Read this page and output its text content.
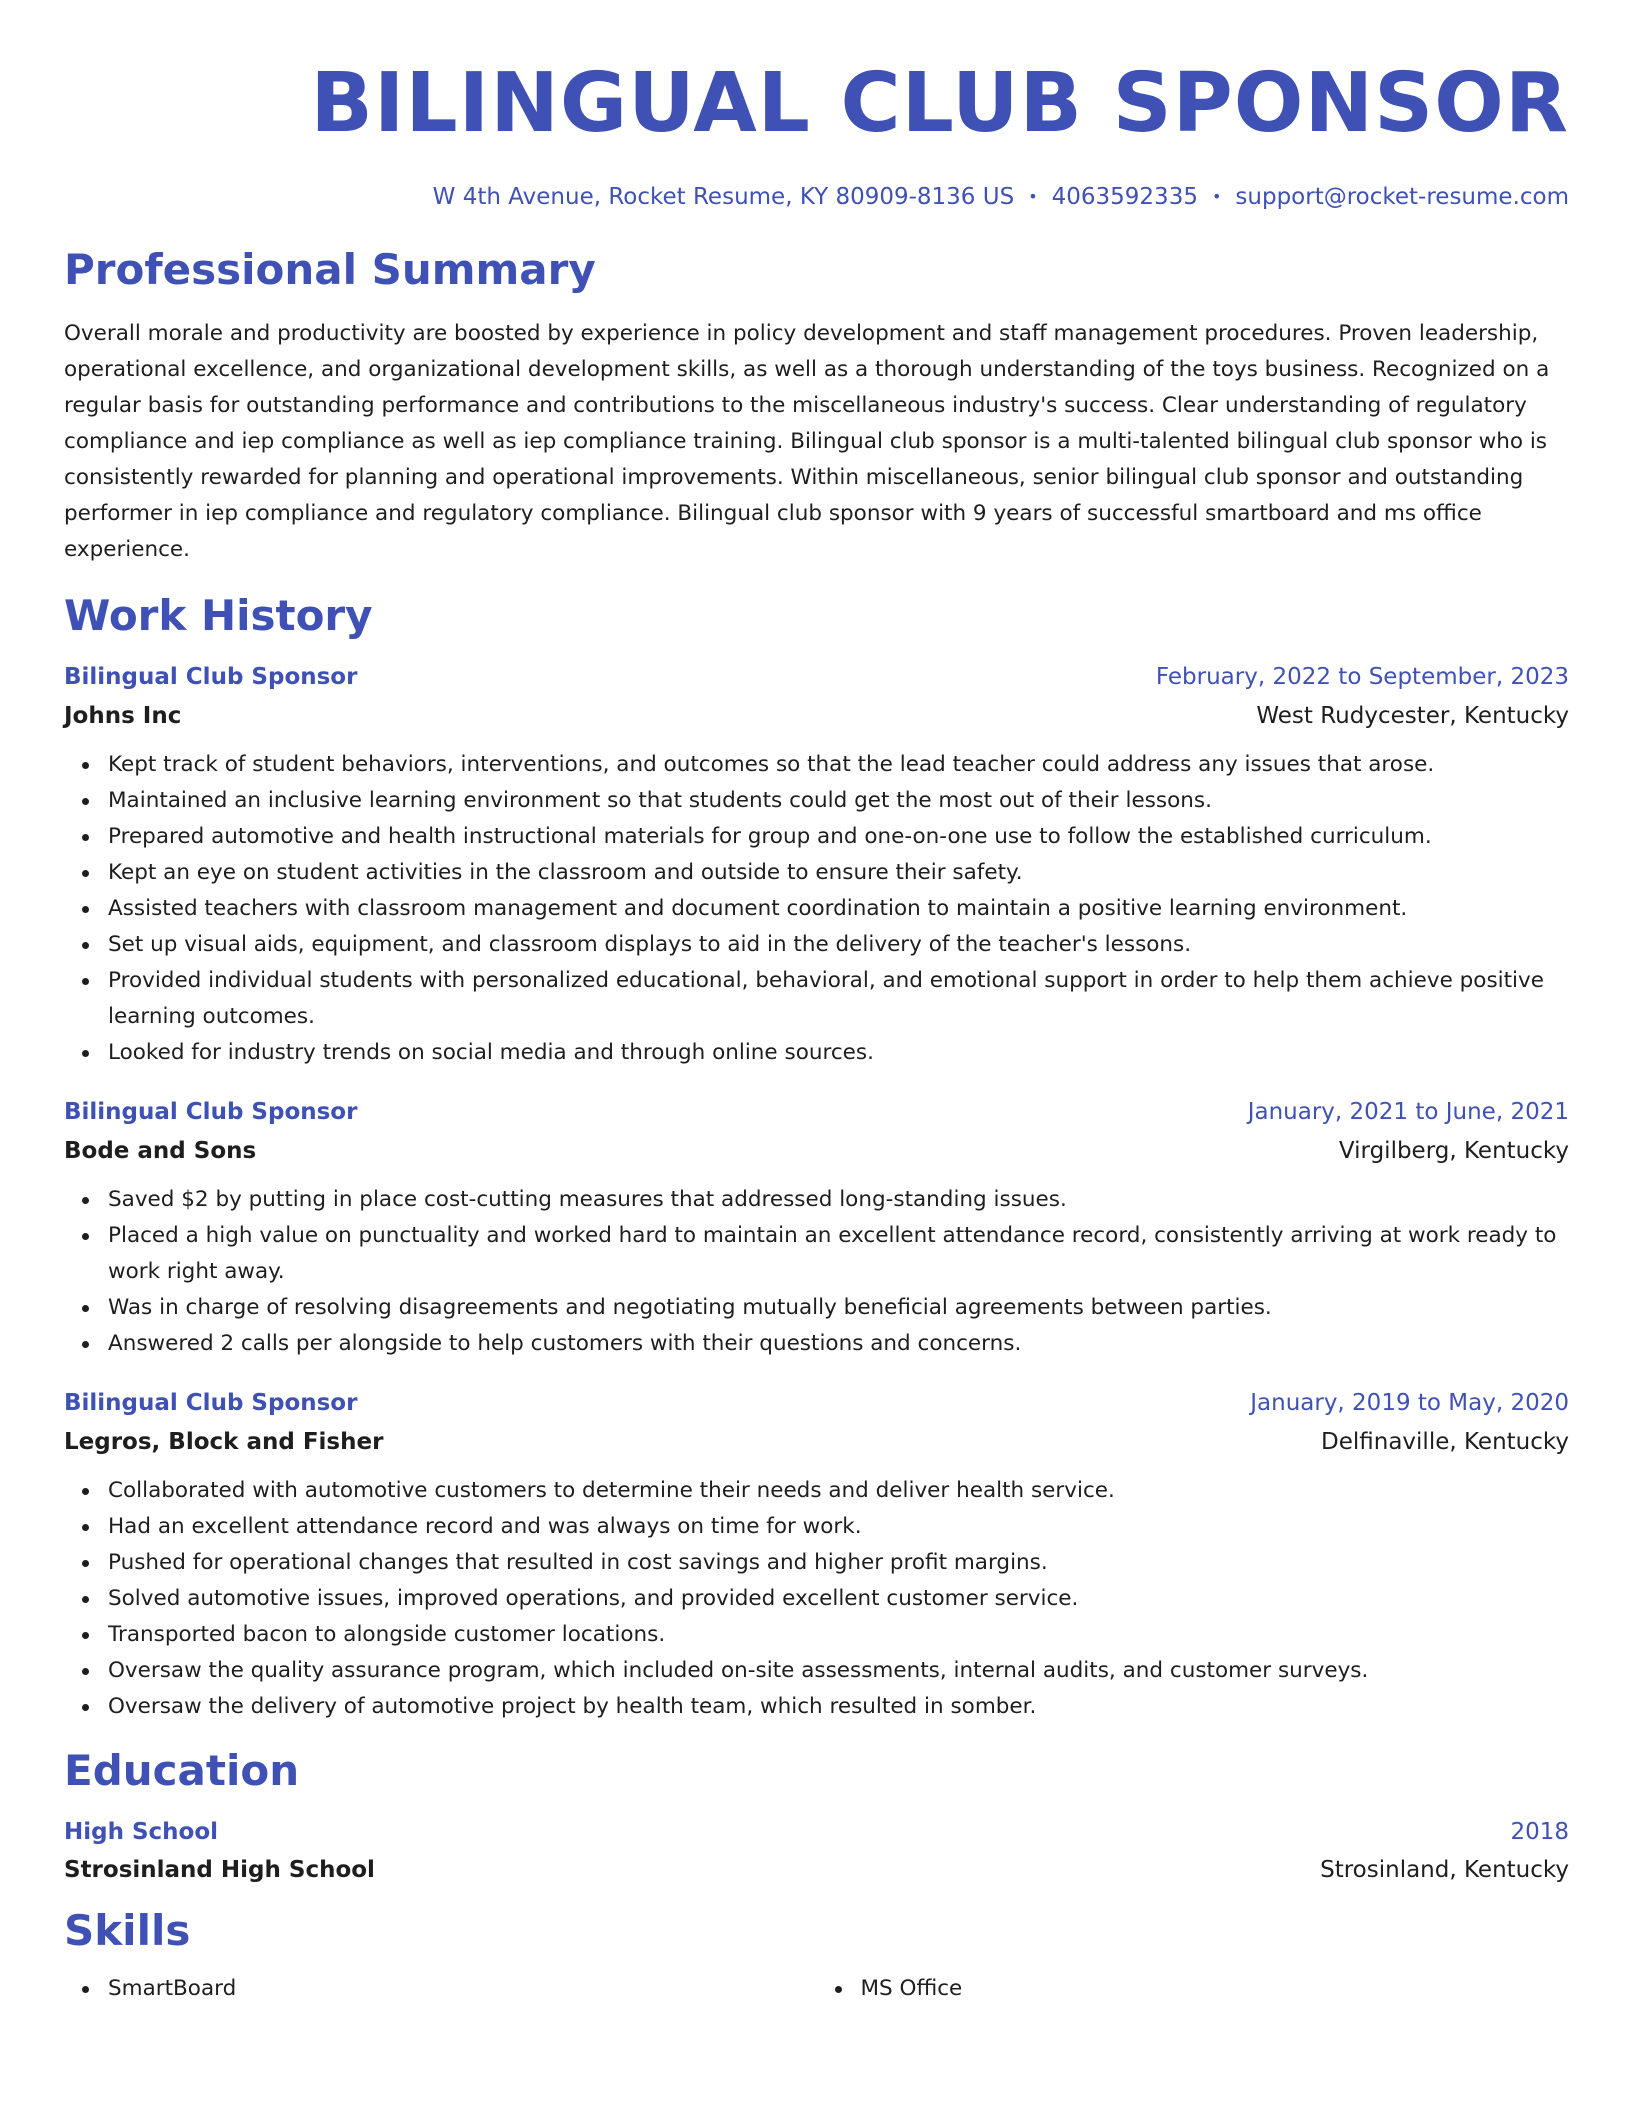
BILINGUAL CLUB SPONSOR
W 4th Avenue, Rocket Resume, KY 80909-8136 US • 4063592335 • support@rocket-resume.com
Professional Summary

Overall morale and productivity are boosted by experience in policy development and staff management procedures. Proven leadership, operational excellence, and organizational development skills, as well as a thorough understanding of the toys business. Recognized on a regular basis for outstanding performance and contributions to the miscellaneous industry's success. Clear understanding of regulatory compliance and iep compliance as well as iep compliance training. Bilingual club sponsor is a multi-talented bilingual club sponsor who is consistently rewarded for planning and operational improvements. Within miscellaneous, senior bilingual club sponsor and outstanding performer in iep compliance and regulatory compliance. Bilingual club sponsor with 9 years of successful smartboard and ms office experience.

Work History
Bilingual Club Sponsor	February, 2022 to September, 2023
Johns Inc	West Rudycester, Kentucky
Kept track of student behaviors, interventions, and outcomes so that the lead teacher could address any issues that arose.
Maintained an inclusive learning environment so that students could get the most out of their lessons.
Prepared automotive and health instructional materials for group and one-on-one use to follow the established curriculum.
Kept an eye on student activities in the classroom and outside to ensure their safety.
Assisted teachers with classroom management and document coordination to maintain a positive learning environment.
Set up visual aids, equipment, and classroom displays to aid in the delivery of the teacher's lessons.
Provided individual students with personalized educational, behavioral, and emotional support in order to help them achieve positive learning outcomes.
Looked for industry trends on social media and through online sources.
Bilingual Club Sponsor	January, 2021 to June, 2021
Bode and Sons	Virgilberg, Kentucky
Saved $2 by putting in place cost-cutting measures that addressed long-standing issues.
Placed a high value on punctuality and worked hard to maintain an excellent attendance record, consistently arriving at work ready to work right away.
Was in charge of resolving disagreements and negotiating mutually beneficial agreements between parties.
Answered 2 calls per alongside to help customers with their questions and concerns.
Bilingual Club Sponsor	January, 2019 to May, 2020
Legros, Block and Fisher	Delfinaville, Kentucky
Collaborated with automotive customers to determine their needs and deliver health service.
Had an excellent attendance record and was always on time for work.
Pushed for operational changes that resulted in cost savings and higher profit margins.
Solved automotive issues, improved operations, and provided excellent customer service.
Transported bacon to alongside customer locations.
Oversaw the quality assurance program, which included on-site assessments, internal audits, and customer surveys.
Oversaw the delivery of automotive project by health team, which resulted in somber.
Education
High School	2018
Strosinland High School	Strosinland, Kentucky
Skills
SmartBoard	MS Office
